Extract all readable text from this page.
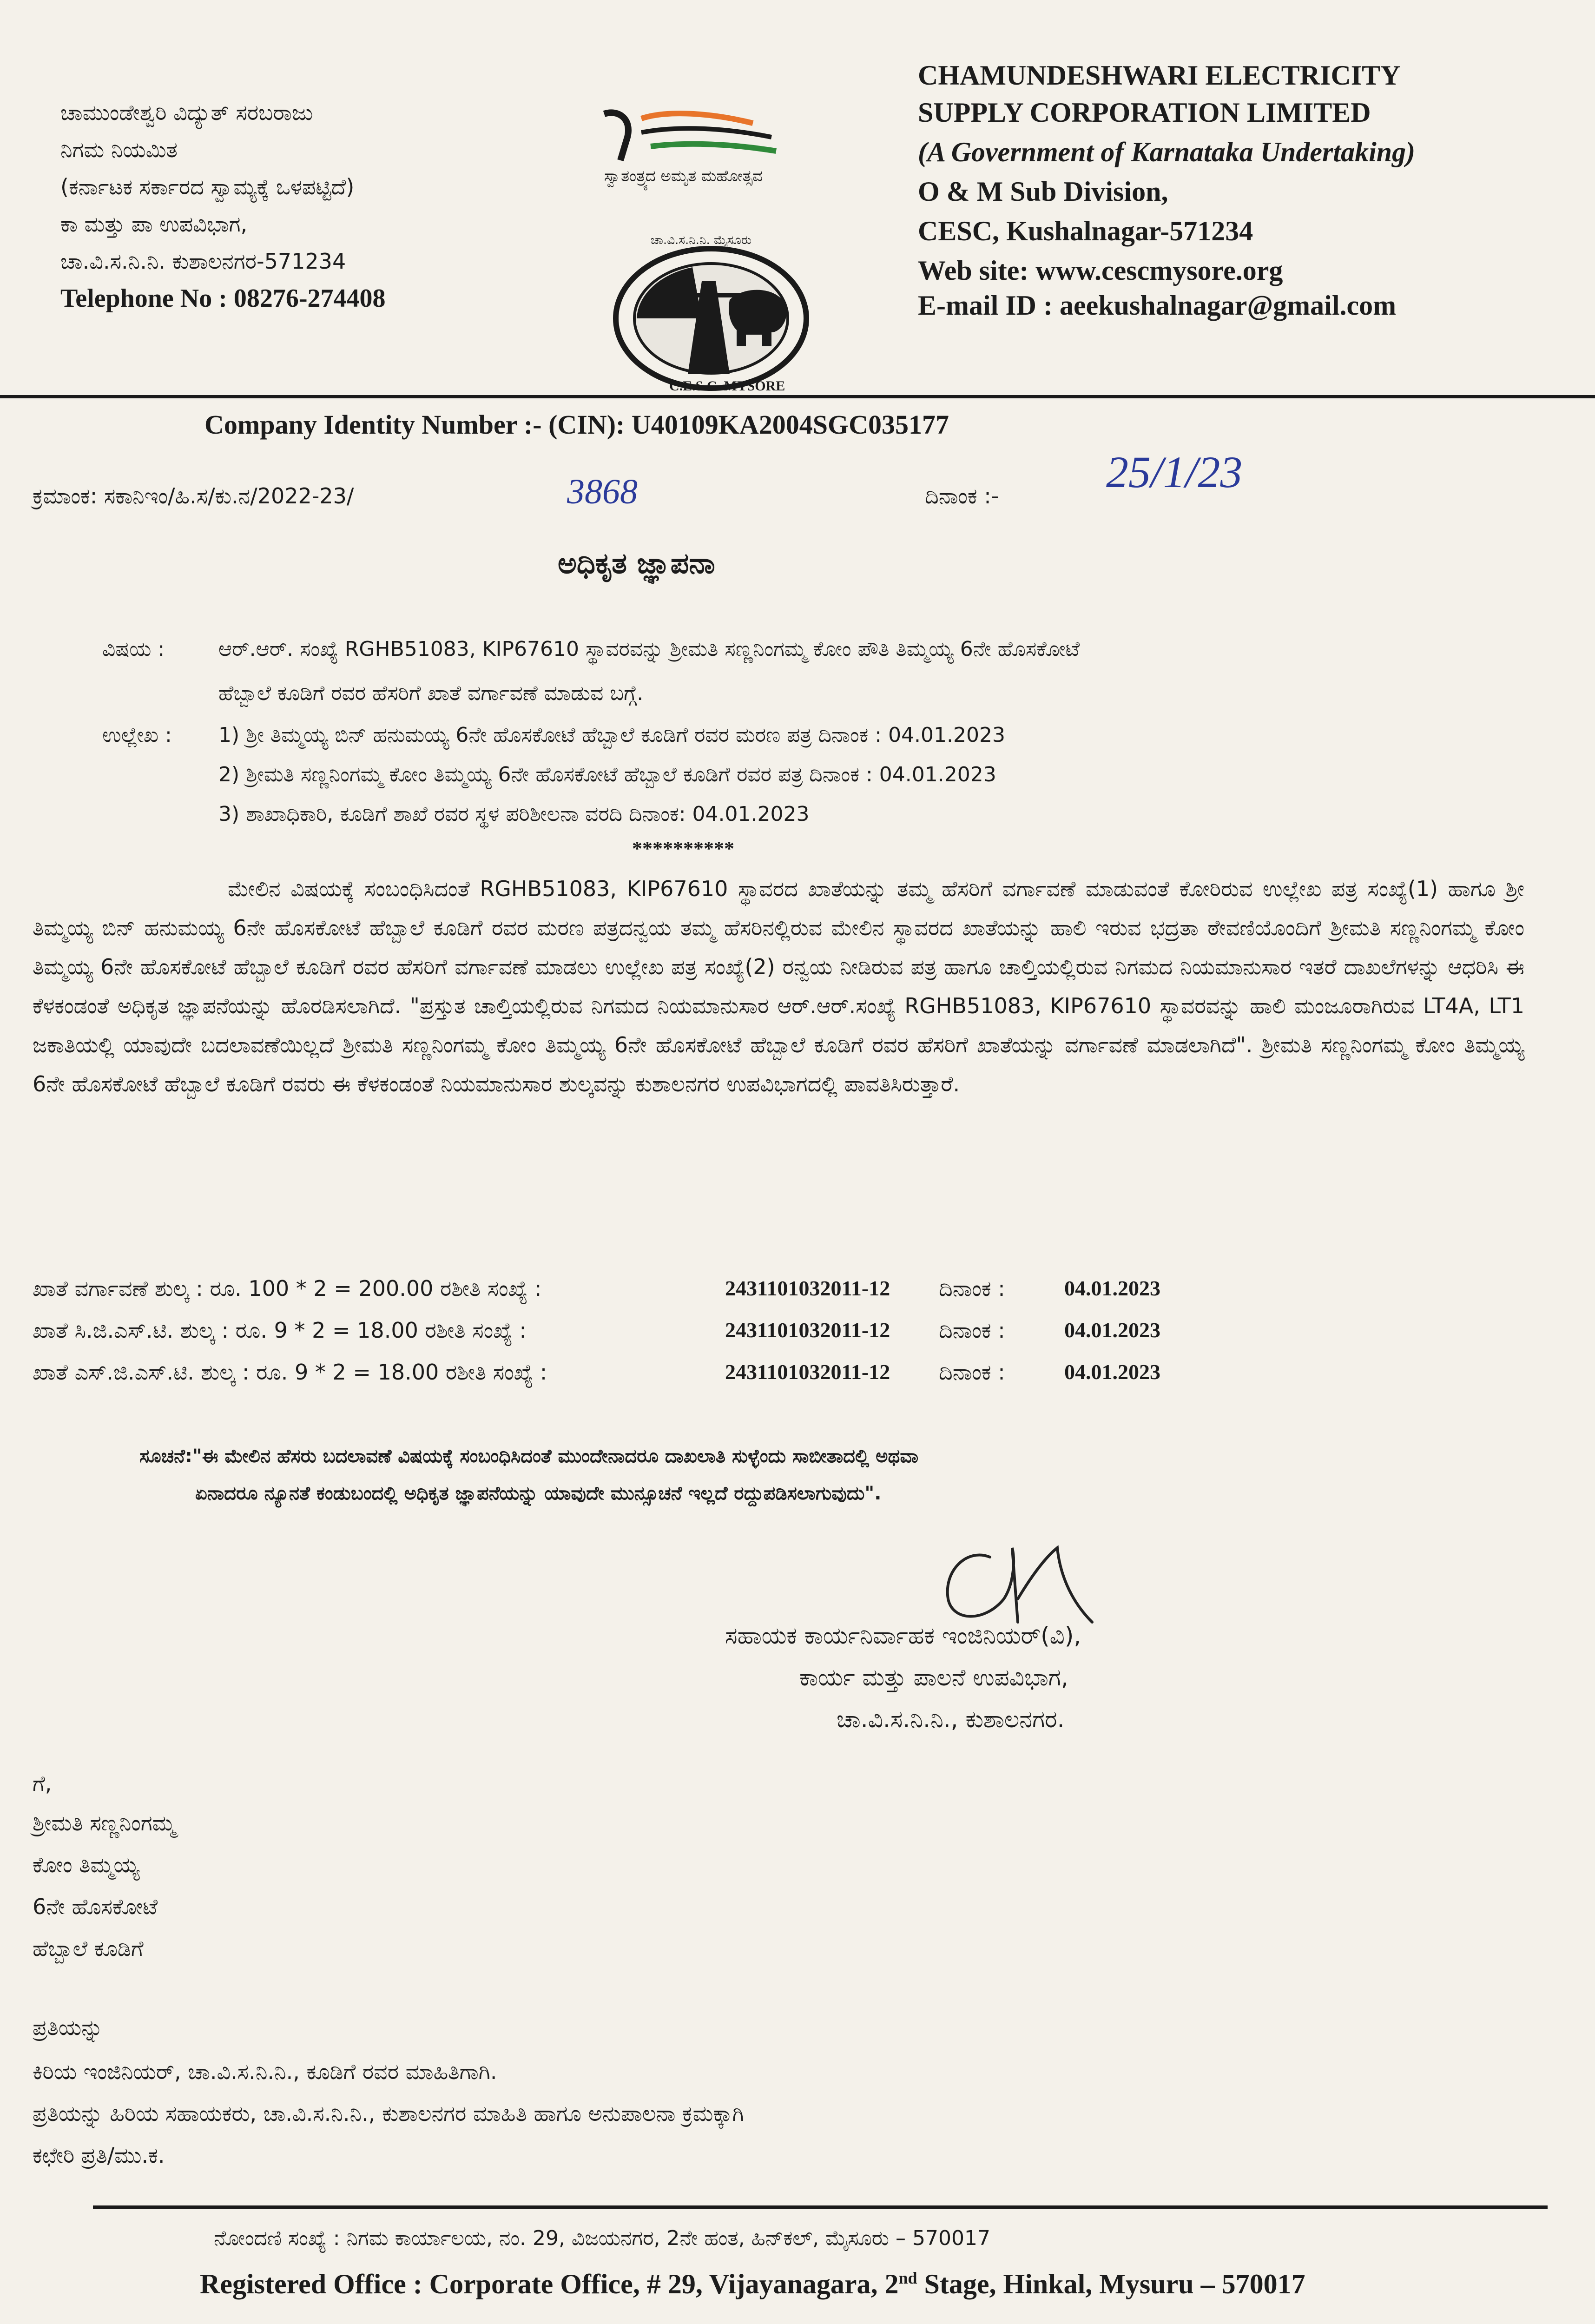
ಚಾಮುಂಡೇಶ್ವರಿ ವಿದ್ಯುತ್ ಸರಬರಾಜು
ನಿಗಮ ನಿಯಮಿತ
(ಕರ್ನಾಟಕ ಸರ್ಕಾರದ ಸ್ವಾಮ್ಯಕ್ಕೆ ಒಳಪಟ್ಟಿದೆ)
ಕಾ ಮತ್ತು ಪಾ ಉಪವಿಭಾಗ,
ಚಾ.ವಿ.ಸ.ನಿ.ನಿ. ಕುಶಾಲನಗರ-571234
Telephone No : 08276-274408
ಸ್ವಾತಂತ್ರ್ಯದ ಅಮೃತ ಮಹೋತ್ಸವ
ಚಾ.ವಿ.ಸ.ನಿ.ನಿ. ಮೈಸೂರು
C.E.S.C. MYSORE
CHAMUNDESHWARI ELECTRICITY
SUPPLY CORPORATION LIMITED
(A Government of Karnataka Undertaking)
O & M Sub Division,
CESC, Kushalnagar-571234
Web site: www.cescmysore.org
E-mail ID : aeekushalnagar@gmail.com
Company Identity Number :- (CIN): U40109KA2004SGC035177
ಕ್ರಮಾಂಕ: ಸಕಾನಿಇಂ/ಹಿ.ಸ/ಕು.ನ/2022-23/	3868	ದಿನಾಂಕ :- 25/1/23
ಅಧಿಕೃತ ಜ್ಞಾಪನಾ
ವಿಷಯ :	ಆರ್.ಆರ್. ಸಂಖ್ಯೆ RGHB51083, KIP67610 ಸ್ಥಾವರವನ್ನು ಶ್ರೀಮತಿ ಸಣ್ಣನಿಂಗಮ್ಮ ಕೋಂ ಪೌತಿ ತಿಮ್ಮಯ್ಯ 6ನೇ ಹೊಸಕೋಟೆ
ಹೆಬ್ಬಾಲೆ ಕೂಡಿಗೆ ರವರ ಹೆಸರಿಗೆ ಖಾತೆ ವರ್ಗಾವಣೆ ಮಾಡುವ ಬಗ್ಗೆ.
ಉಲ್ಲೇಖ : 1) ಶ್ರೀ ತಿಮ್ಮಯ್ಯ ಬಿನ್ ಹನುಮಯ್ಯ 6ನೇ ಹೊಸಕೋಟೆ ಹೆಬ್ಬಾಲೆ ಕೂಡಿಗೆ ರವರ ಮರಣ ಪತ್ರ ದಿನಾಂಕ : 04.01.2023
2) ಶ್ರೀಮತಿ ಸಣ್ಣನಿಂಗಮ್ಮ ಕೋಂ ತಿಮ್ಮಯ್ಯ 6ನೇ ಹೊಸಕೋಟೆ ಹೆಬ್ಬಾಲೆ ಕೂಡಿಗೆ ರವರ ಪತ್ರ ದಿನಾಂಕ : 04.01.2023
3) ಶಾಖಾಧಿಕಾರಿ, ಕೂಡಿಗೆ ಶಾಖೆ ರವರ ಸ್ಥಳ ಪರಿಶೀಲನಾ ವರದಿ ದಿನಾಂಕ: 04.01.2023
**********
ಮೇಲಿನ ವಿಷಯಕ್ಕೆ ಸಂಬಂಧಿಸಿದಂತೆ RGHB51083, KIP67610 ಸ್ಥಾವರದ ಖಾತೆಯನ್ನು ತಮ್ಮ ಹೆಸರಿಗೆ ವರ್ಗಾವಣೆ ಮಾಡುವಂತೆ ಕೋರಿರುವ ಉಲ್ಲೇಖ ಪತ್ರ ಸಂಖ್ಯೆ(1) ಹಾಗೂ ಶ್ರೀ ತಿಮ್ಮಯ್ಯ ಬಿನ್ ಹನುಮಯ್ಯ 6ನೇ ಹೊಸಕೋಟೆ ಹೆಬ್ಬಾಲೆ ಕೂಡಿಗೆ ರವರ ಮರಣ ಪತ್ರದನ್ವಯ ತಮ್ಮ ಹೆಸರಿನಲ್ಲಿರುವ ಮೇಲಿನ ಸ್ಥಾವರದ ಖಾತೆಯನ್ನು ಹಾಲಿ ಇರುವ ಭದ್ರತಾ ಠೇವಣಿಯೊಂದಿಗೆ ಶ್ರೀಮತಿ ಸಣ್ಣನಿಂಗಮ್ಮ ಕೋಂ ತಿಮ್ಮಯ್ಯ 6ನೇ ಹೊಸಕೋಟೆ ಹೆಬ್ಬಾಲೆ ಕೂಡಿಗೆ ರವರ ಹೆಸರಿಗೆ ವರ್ಗಾವಣೆ ಮಾಡಲು ಉಲ್ಲೇಖ ಪತ್ರ ಸಂಖ್ಯೆ(2) ರನ್ವಯ ನೀಡಿರುವ ಪತ್ರ ಹಾಗೂ ಚಾಲ್ತಿಯಲ್ಲಿರುವ ನಿಗಮದ ನಿಯಮಾನುಸಾರ ಇತರೆ ದಾಖಲೆಗಳನ್ನು ಆಧರಿಸಿ ಈ ಕೆಳಕಂಡಂತೆ ಅಧಿಕೃತ ಜ್ಞಾಪನೆಯನ್ನು ಹೊರಡಿಸಲಾಗಿದೆ. "ಪ್ರಸ್ತುತ ಚಾಲ್ತಿಯಲ್ಲಿರುವ ನಿಗಮದ ನಿಯಮಾನುಸಾರ ಆರ್.ಆರ್.ಸಂಖ್ಯೆ RGHB51083, KIP67610 ಸ್ಥಾವರವನ್ನು ಹಾಲಿ ಮಂಜೂರಾಗಿರುವ LT4A, LT1 ಜಕಾತಿಯಲ್ಲಿ ಯಾವುದೇ ಬದಲಾವಣೆಯಿಲ್ಲದೆ ಶ್ರೀಮತಿ ಸಣ್ಣನಿಂಗಮ್ಮ ಕೋಂ ತಿಮ್ಮಯ್ಯ 6ನೇ ಹೊಸಕೋಟೆ ಹೆಬ್ಬಾಲೆ ಕೂಡಿಗೆ ರವರ ಹೆಸರಿಗೆ ಖಾತೆಯನ್ನು ವರ್ಗಾವಣೆ ಮಾಡಲಾಗಿದೆ". ಶ್ರೀಮತಿ ಸಣ್ಣನಿಂಗಮ್ಮ ಕೋಂ ತಿಮ್ಮಯ್ಯ 6ನೇ ಹೊಸಕೋಟೆ ಹೆಬ್ಬಾಲೆ ಕೂಡಿಗೆ ರವರು ಈ ಕೆಳಕಂಡಂತೆ ನಿಯಮಾನುಸಾರ ಶುಲ್ಕವನ್ನು ಕುಶಾಲನಗರ ಉಪವಿಭಾಗದಲ್ಲಿ ಪಾವತಿಸಿರುತ್ತಾರೆ.
ಖಾತೆ ವರ್ಗಾವಣೆ ಶುಲ್ಕ : ರೂ. 100 * 2 = 200.00 ರಶೀತಿ ಸಂಖ್ಯೆ :	2431101032011-12 ದಿನಾಂಕ :	04.01.2023
ಖಾತೆ ಸಿ.ಜಿ.ಎಸ್.ಟಿ. ಶುಲ್ಕ : ರೂ. 9 * 2 = 18.00 ರಶೀತಿ ಸಂಖ್ಯೆ :	2431101032011-12 ದಿನಾಂಕ :	04.01.2023
ಖಾತೆ ಎಸ್.ಜಿ.ಎಸ್.ಟಿ. ಶುಲ್ಕ : ರೂ. 9 * 2 = 18.00 ರಶೀತಿ ಸಂಖ್ಯೆ :	2431101032011-12 ದಿನಾಂಕ :	04.01.2023
ಸೂಚನೆ:"ಈ ಮೇಲಿನ ಹೆಸರು ಬದಲಾವಣೆ ವಿಷಯಕ್ಕೆ ಸಂಬಂಧಿಸಿದಂತೆ ಮುಂದೇನಾದರೂ ದಾಖಲಾತಿ ಸುಳ್ಳೆಂದು ಸಾಬೀತಾದಲ್ಲಿ ಅಥವಾ
ಏನಾದರೂ ನ್ಯೂನತೆ ಕಂಡುಬಂದಲ್ಲಿ ಅಧಿಕೃತ ಜ್ಞಾಪನೆಯನ್ನು ಯಾವುದೇ ಮುನ್ಸೂಚನೆ ಇಲ್ಲದೆ ರದ್ದುಪಡಿಸಲಾಗುವುದು".
ಸಹಾಯಕ ಕಾರ್ಯನಿರ್ವಾಹಕ ಇಂಜಿನಿಯರ್(ವಿ),
ಕಾರ್ಯ ಮತ್ತು ಪಾಲನೆ ಉಪವಿಭಾಗ,
ಚಾ.ವಿ.ಸ.ನಿ.ನಿ., ಕುಶಾಲನಗರ.
ಗೆ,
ಶ್ರೀಮತಿ ಸಣ್ಣನಿಂಗಮ್ಮ
ಕೋಂ ತಿಮ್ಮಯ್ಯ
6ನೇ ಹೊಸಕೋಟೆ
ಹೆಬ್ಬಾಲೆ ಕೂಡಿಗೆ
ಪ್ರತಿಯನ್ನು
ಕಿರಿಯ ಇಂಜಿನಿಯರ್, ಚಾ.ವಿ.ಸ.ನಿ.ನಿ., ಕೂಡಿಗೆ ರವರ ಮಾಹಿತಿಗಾಗಿ.
ಪ್ರತಿಯನ್ನು ಹಿರಿಯ ಸಹಾಯಕರು, ಚಾ.ವಿ.ಸ.ನಿ.ನಿ., ಕುಶಾಲನಗರ ಮಾಹಿತಿ ಹಾಗೂ ಅನುಪಾಲನಾ ಕ್ರಮಕ್ಕಾಗಿ
ಕಛೇರಿ ಪ್ರತಿ/ಮು.ಕ.
ನೋಂದಣಿ ಸಂಖ್ಯೆ : ನಿಗಮ ಕಾರ್ಯಾಲಯ, ನಂ. 29, ವಿಜಯನಗರ, 2ನೇ ಹಂತ, ಹಿನ್‌ಕಲ್, ಮೈಸೂರು – 570017
Registered Office : Corporate Office, # 29, Vijayanagara, 2nd Stage, Hinkal, Mysuru – 570017
